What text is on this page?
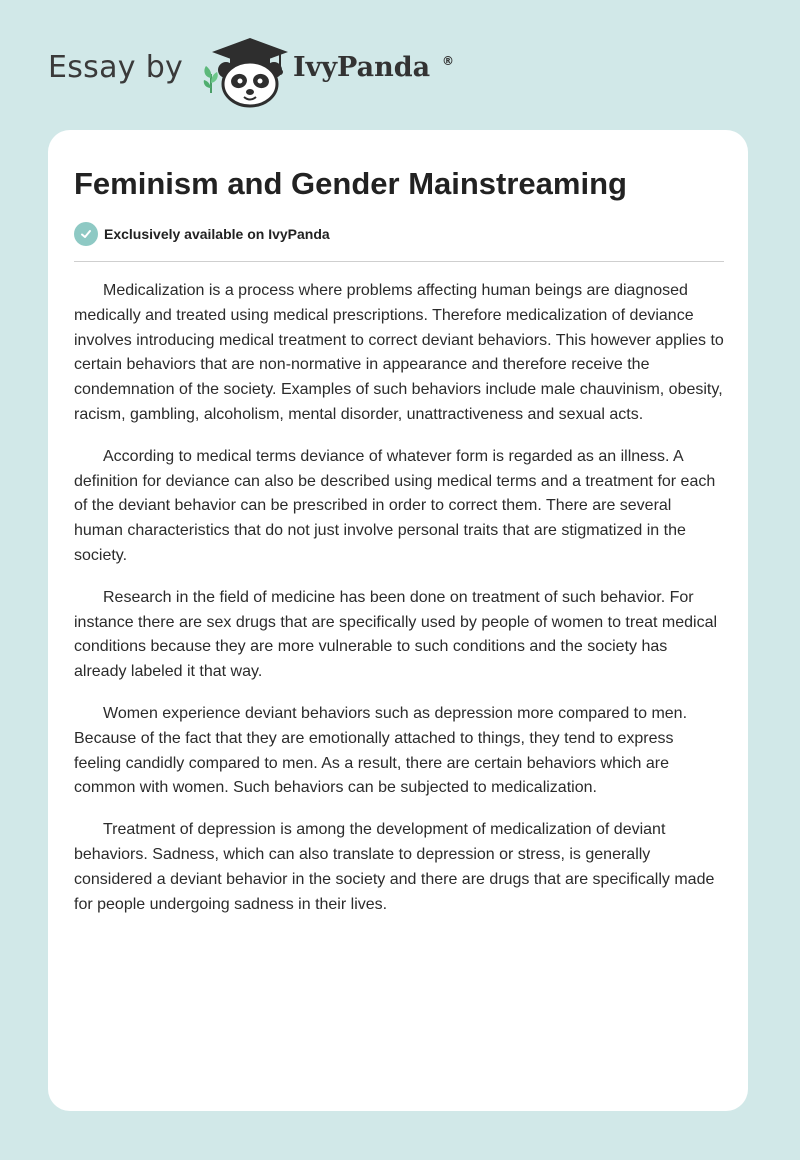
Essay by	IvyPanda ®
Feminism and Gender Mainstreaming
Exclusively available on IvyPanda

Medicalization is a process where problems affecting human beings are diagnosed medically and treated using medical prescriptions. Therefore medicalization of deviance involves introducing medical treatment to correct deviant behaviors. This however applies to certain behaviors that are non-normative in appearance and therefore receive the condemnation of the society. Examples of such behaviors include male chauvinism, obesity, racism, gambling, alcoholism, mental disorder, unattractiveness and sexual acts.

According to medical terms deviance of whatever form is regarded as an illness. A definition for deviance can also be described using medical terms and a treatment for each of the deviant behavior can be prescribed in order to correct them. There are several human characteristics that do not just involve personal traits that are stigmatized in the society.

Research in the field of medicine has been done on treatment of such behavior. For instance there are sex drugs that are specifically used by people of women to treat medical conditions because they are more vulnerable to such conditions and the society has already labeled it that way.

Women experience deviant behaviors such as depression more compared to men. Because of the fact that they are emotionally attached to things, they tend to express feeling candidly compared to men. As a result, there are certain behaviors which are common with women. Such behaviors can be subjected to medicalization.

Treatment of depression is among the development of medicalization of deviant behaviors. Sadness, which can also translate to depression or stress, is generally considered a deviant behavior in the society and there are drugs that are specifically made for people undergoing sadness in their lives.
